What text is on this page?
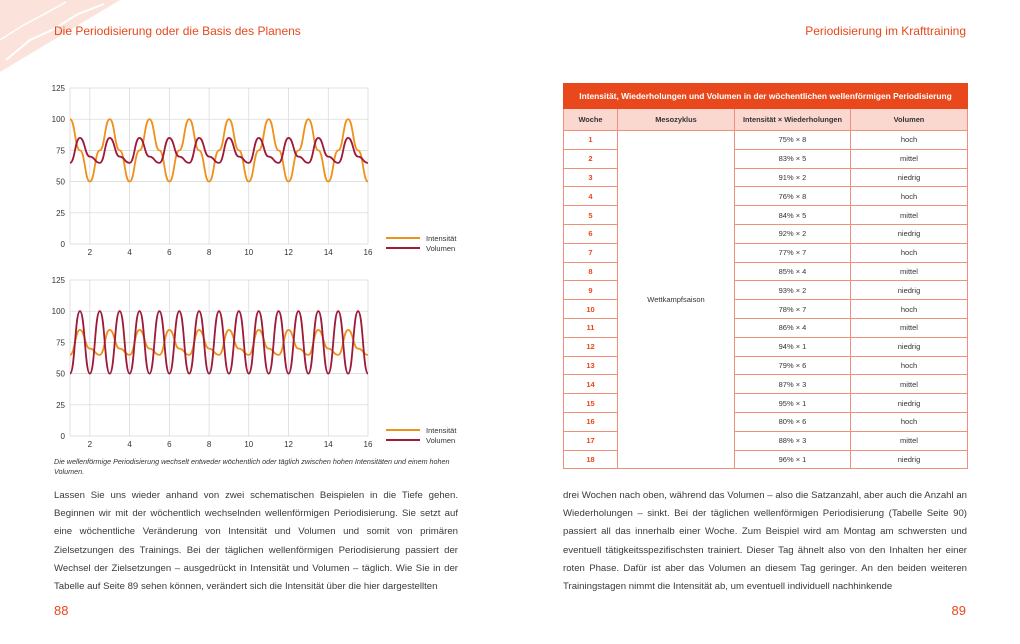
Die Periodisierung oder die Basis des Planens	Periodisierung im Krafttraining
0
25
50
75
100
125
2	4	6	8	10	12	14	16
Intensität
Volumen
0
25
50
75
100
125
2	4	6	8	10	12	14	16
Intensität
Volumen
Die wellenförmige Periodisierung wechselt entweder wöchentlich oder täglich zwischen hohen Intensitäten und einem hohen Volumen.

Lassen Sie uns wieder anhand von zwei schematischen Beispielen in die Tiefe gehen. Beginnen wir mit der wöchentlich wechselnden wellenförmigen Periodisierung. Sie setzt auf eine wöchentliche Veränderung von Intensität und Volumen und somit von primären Zielsetzungen des Trainings. Bei der täglichen wellenförmigen Periodisierung passiert der Wechsel der Zielsetzungen – ausgedrückt in Intensität und Volumen – täglich. Wie Sie in der Tabelle auf Seite 89 sehen können, verändert sich die Intensität über die hier dargestellten

Intensität, Wiederholungen und Volumen in der wöchentlichen wellenförmigen Periodisierung			
Woche	Mesozyklus	Intensität × Wiederholungen	Volumen
1	Wettkampfsaison	75% × 8	hoch
2		83% × 5	mittel
3		91% × 2	niedrig
4		76% × 8	hoch
5		84% × 5	mittel
6		92% × 2	niedrig
7		77% × 7	hoch
8		85% × 4	mittel
9		93% × 2	niedrig
10		78% × 7	hoch
11		86% × 4	mittel
12		94% × 1	niedrig
13		79% × 6	hoch
14		87% × 3	mittel
15		95% × 1	niedrig
16		80% × 6	hoch
17		88% × 3	mittel
18		96% × 1	niedrig

drei Wochen nach oben, während das Volumen – also die Satzanzahl, aber auch die Anzahl an Wiederholungen – sinkt. Bei der täglichen wellenförmigen Periodisierung (Tabelle Seite 90) passiert all das innerhalb einer Woche. Zum Beispiel wird am Montag am schwersten und eventuell tätigkeitsspezifischsten trainiert. Dieser Tag ähnelt also von den Inhalten her einer roten Phase. Dafür ist aber das Volumen an diesem Tag geringer. An den beiden weiteren Trainingstagen nimmt die Intensität ab, um eventuell individuell nachhinkende

88	89
